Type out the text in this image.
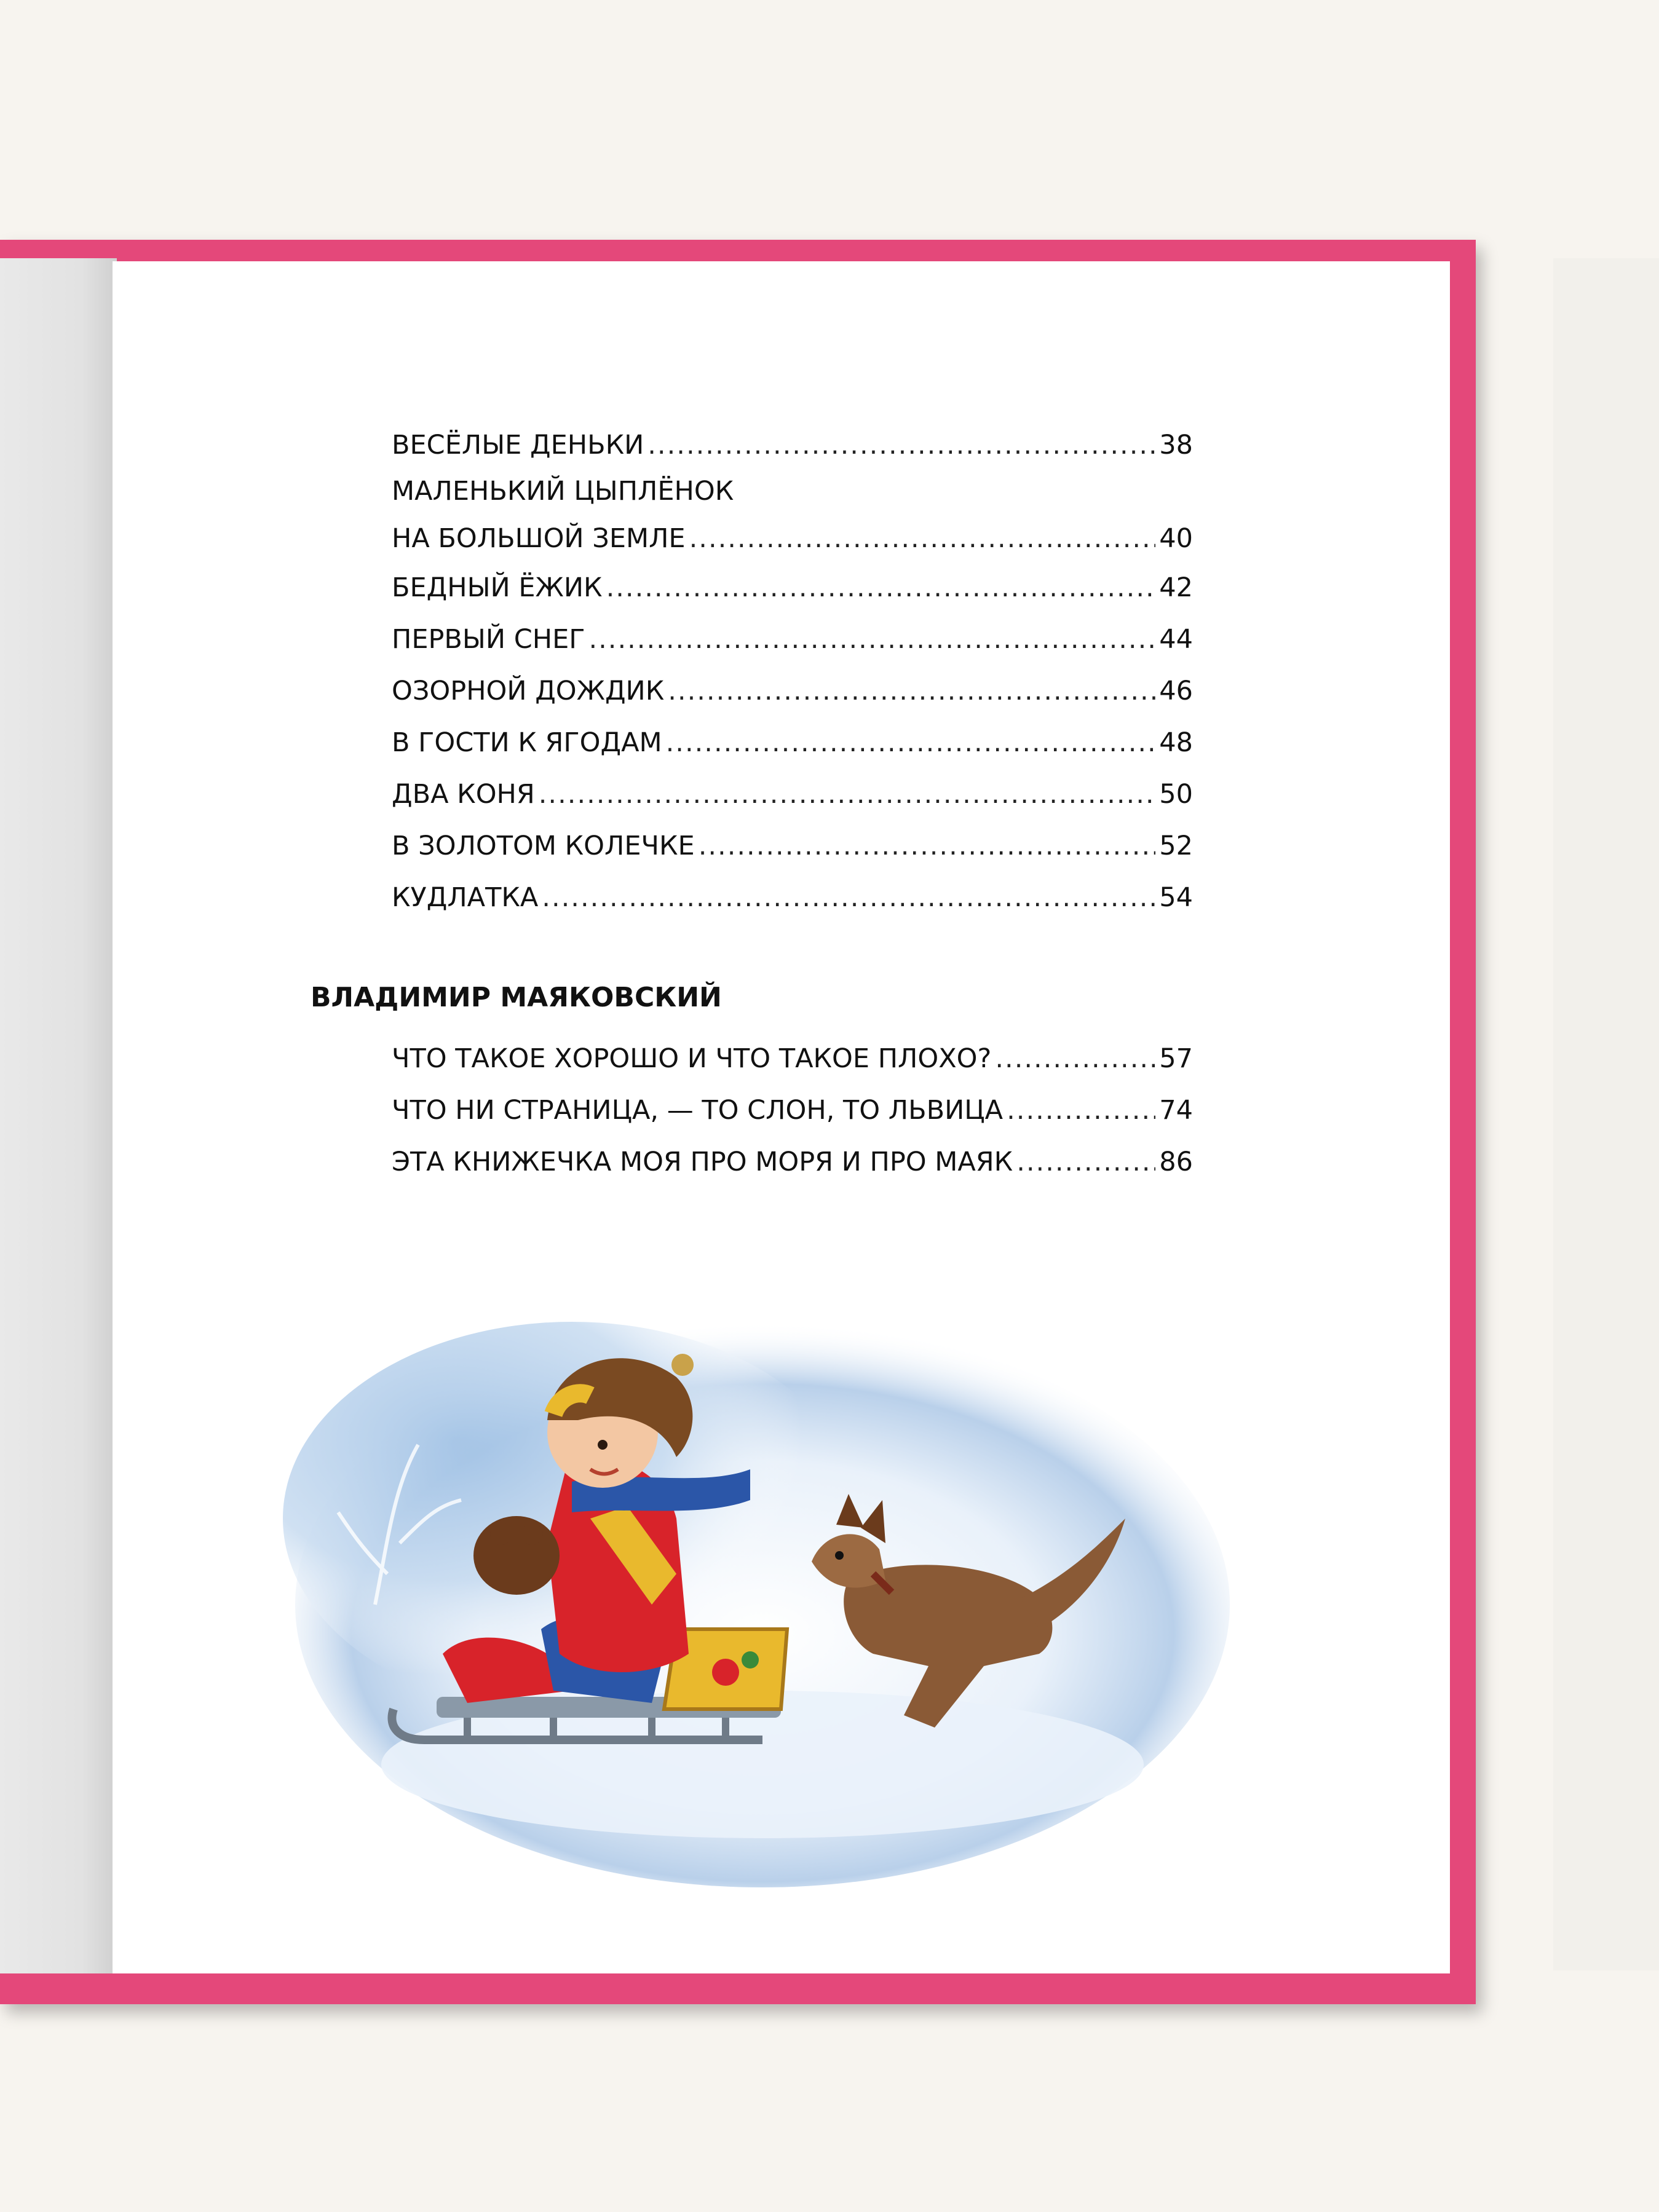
ВЕСЁЛЫЕ ДЕНЬКИ .....	38
МАЛЕНЬКИЙ ЦЫПЛЁНОК
НА БОЛЬШОЙ ЗЕМЛЕ .....	40
БЕДНЫЙ ЁЖИК .....	42
ПЕРВЫЙ СНЕГ .....	44
ОЗОРНОЙ ДОЖДИК .....	46
В ГОСТИ К ЯГОДАМ .....	48
ДВА КОНЯ .....	50
В ЗОЛОТОМ КОЛЕЧКЕ .....	52
КУДЛАТКА .....	54
ВЛАДИМИР МАЯКОВСКИЙ
ЧТО ТАКОЕ ХОРОШО И ЧТО ТАКОЕ ПЛОХО? .....	57
ЧТО НИ СТРАНИЦА, — ТО СЛОН, ТО ЛЬВИЦА .....	74
ЭТА КНИЖЕЧКА МОЯ ПРО МОРЯ И ПРО МАЯК .....	86
